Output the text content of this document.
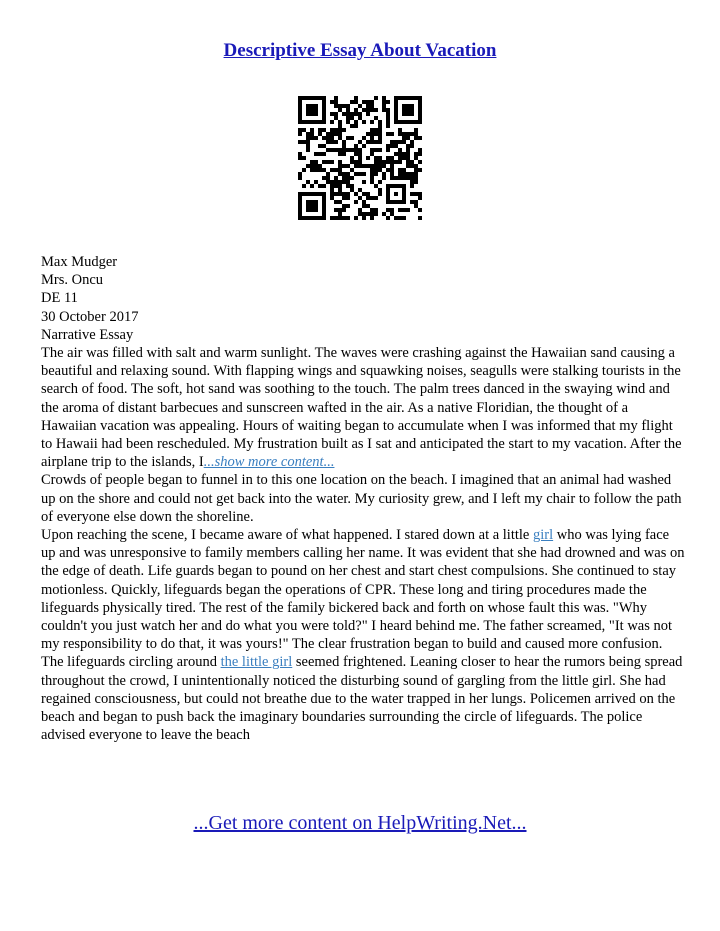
Descriptive Essay About Vacation

Max Mudger

Mrs. Oncu

DE 11

30 October 2017

Narrative Essay

The air was filled with salt and warm sunlight. The waves were crashing against the Hawaiian sand causing a beautiful and relaxing sound. With flapping wings and squawking noises, seagulls were stalking tourists in the search of food. The soft, hot sand was soothing to the touch. The palm trees danced in the swaying wind and the aroma of distant barbecues and sunscreen wafted in the air. As a native Floridian, the thought of a Hawaiian vacation was appealing. Hours of waiting began to accumulate when I was informed that my flight to Hawaii had been rescheduled. My frustration built as I sat and anticipated the start to my vacation. After the airplane trip to the islands, I...show more content...

Crowds of people began to funnel in to this one location on the beach. I imagined that an animal had washed up on the shore and could not get back into the water. My curiosity grew, and I left my chair to follow the path of everyone else down the shoreline.

Upon reaching the scene, I became aware of what happened. I stared down at a little girl who was lying face up and was unresponsive to family members calling her name. It was evident that she had drowned and was on the edge of death. Life guards began to pound on her chest and start chest compulsions. She continued to stay motionless. Quickly, lifeguards began the operations of CPR. These long and tiring procedures made the lifeguards physically tired. The rest of the family bickered back and forth on whose fault this was. "Why couldn't you just watch her and do what you were told?" I heard behind me. The father screamed, "It was not my responsibility to do that, it was yours!" The clear frustration began to build and caused more confusion.

The lifeguards circling around the little girl seemed frightened. Leaning closer to hear the rumors being spread throughout the crowd, I unintentionally noticed the disturbing sound of gargling from the little girl. She had regained consciousness, but could not breathe due to the water trapped in her lungs. Policemen arrived on the beach and began to push back the imaginary boundaries surrounding the circle of lifeguards. The police advised everyone to leave the beach

...Get more content on HelpWriting.Net...
